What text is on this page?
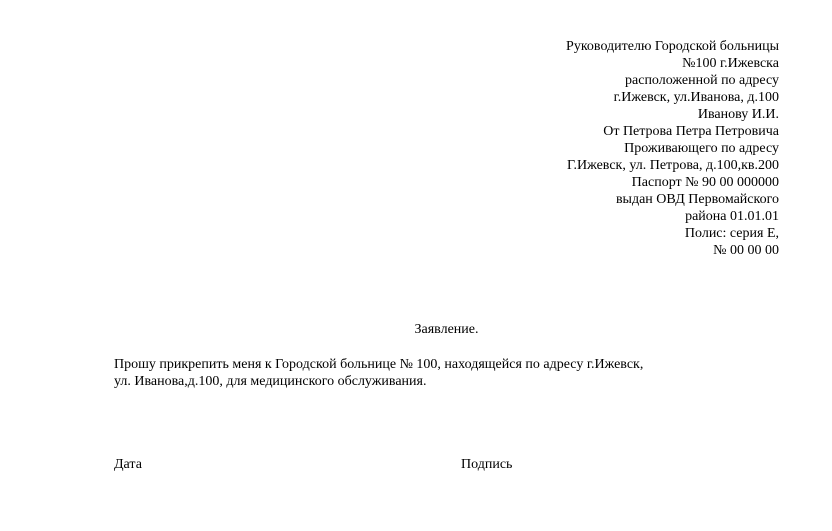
Руководителю Городской больницы
№100 г.Ижевска
расположенной по адресу
г.Ижевск, ул.Иванова, д.100
Иванову И.И.
От Петрова Петра Петровича
Проживающего по адресу
Г.Ижевск, ул. Петрова, д.100,кв.200
Паспорт № 90 00 000000
выдан ОВД Первомайского
района 01.01.01
Полис: серия Е,
№ 00 00 00
Заявление.
Прошу прикрепить меня к Городской больнице № 100, находящейся по адресу г.Ижевск,
ул. Иванова,д.100, для медицинского обслуживания.
Дата	Подпись
